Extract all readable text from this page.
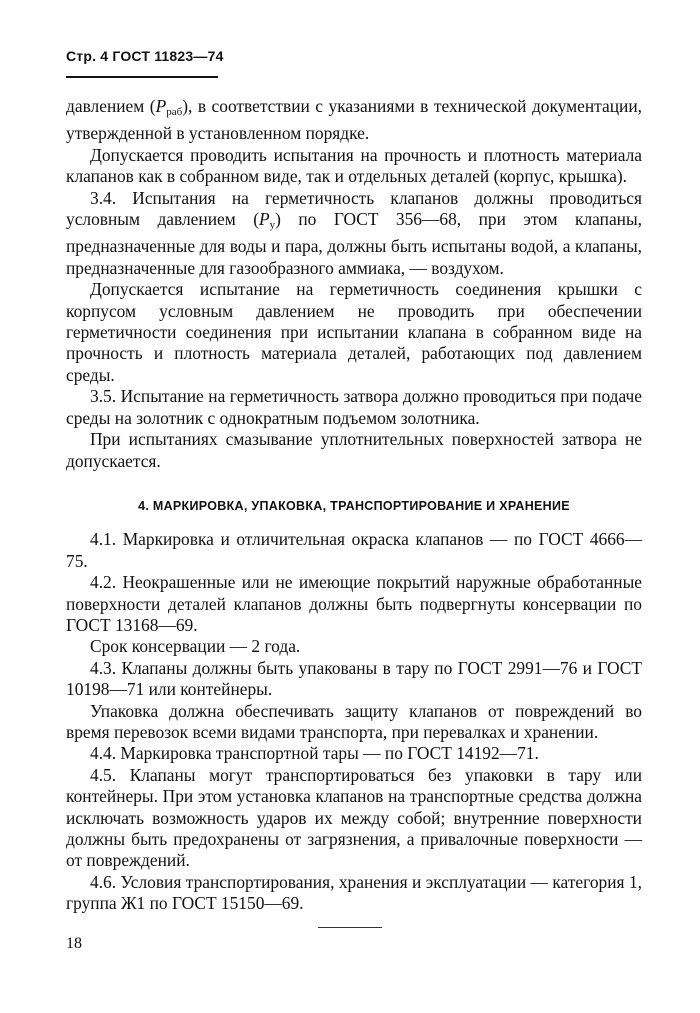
Стр. 4 ГОСТ 11823—74

давлением $(P_{раб})$, в соответствии с указаниями в технической документации, утвержденной в установленном порядке.

Допускается проводить испытания на прочность и плотность материала клапанов как в собранном виде, так и отдельных деталей (корпус, крышка).

3.4. Испытания на герметичность клапанов должны проводиться условным давлением $(P_у)$ по ГОСТ 356—68, при этом клапаны, предназначенные для воды и пара, должны быть испытаны водой, а клапаны, предназначенные для газообразного аммиака, — воздухом.

Допускается испытание на герметичность соединения крышки с корпусом условным давлением не проводить при обеспечении герметичности соединения при испытании клапана в собранном виде на прочность и плотность материала деталей, работающих под давлением среды.

3.5. Испытание на герметичность затвора должно проводиться при подаче среды на золотник с однократным подъемом золотника.

При испытаниях смазывание уплотнительных поверхностей затвора не допускается.

4. МАРКИРОВКА, УПАКОВКА, ТРАНСПОРТИРОВАНИЕ И ХРАНЕНИЕ

4.1. Маркировка и отличительная окраска клапанов — по ГОСТ 4666—75.

4.2. Неокрашенные или не имеющие покрытий наружные обработанные поверхности деталей клапанов должны быть подвергнуты консервации по ГОСТ 13168—69.

Срок консервации — 2 года.

4.3. Клапаны должны быть упакованы в тару по ГОСТ 2991—76 и ГОСТ 10198—71 или контейнеры.

Упаковка должна обеспечивать защиту клапанов от повреждений во время перевозок всеми видами транспорта, при перевалках и хранении.

4.4. Маркировка транспортной тары — по ГОСТ 14192—71.

4.5. Клапаны могут транспортироваться без упаковки в тару или контейнеры. При этом установка клапанов на транспортные средства должна исключать возможность ударов их между собой; внутренние поверхности должны быть предохранены от загрязнения, а привалочные поверхности — от повреждений.

4.6. Условия транспортирования, хранения и эксплуатации — категория 1, группа Ж1 по ГОСТ 15150—69.

18
